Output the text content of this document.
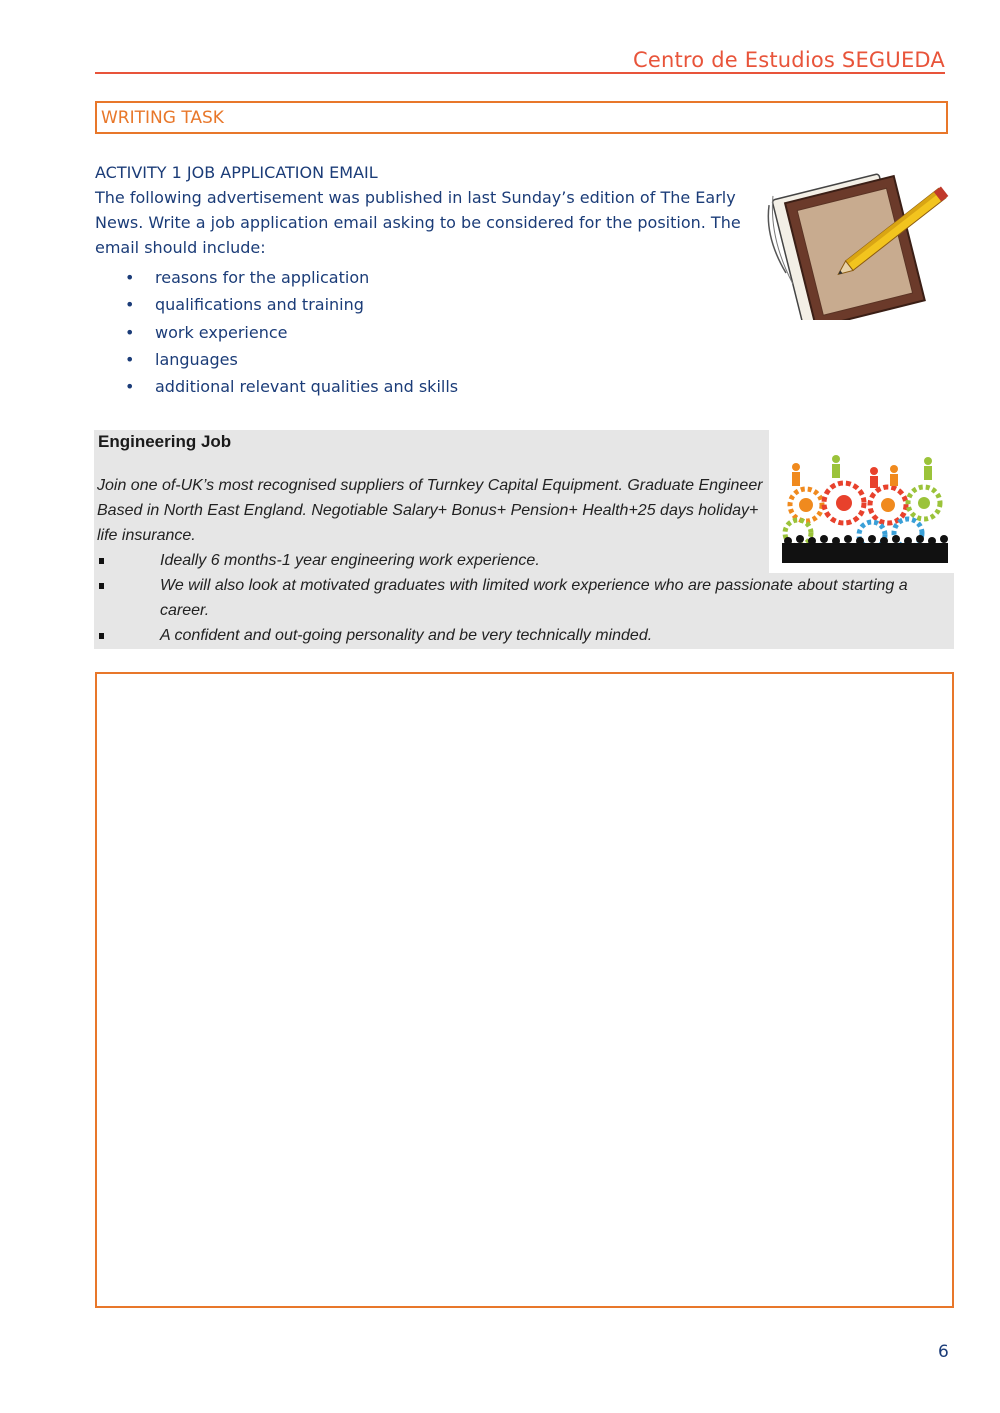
Centro de Estudios SEGUEDA
WRITING TASK
ACTIVITY 1 JOB APPLICATION EMAIL
The following advertisement was published in last Sunday’s edition of The Early News. Write a job application email asking to be considered for the position. The email should include:
• reasons for the application
• qualifications and training
• work experience
• languages
• additional relevant qualities and skills
Engineering Job
Join one of-UK’s most recognised suppliers of Turnkey Capital Equipment. Graduate Engineer Based in North East England. Negotiable Salary+ Bonus+ Pension+ Health+25 days holiday+ life insurance.
Ideally 6 months-1 year engineering work experience.
We will also look at motivated graduates with limited work experience who are passionate about starting a career.
A confident and out-going personality and be very technically minded.
6
